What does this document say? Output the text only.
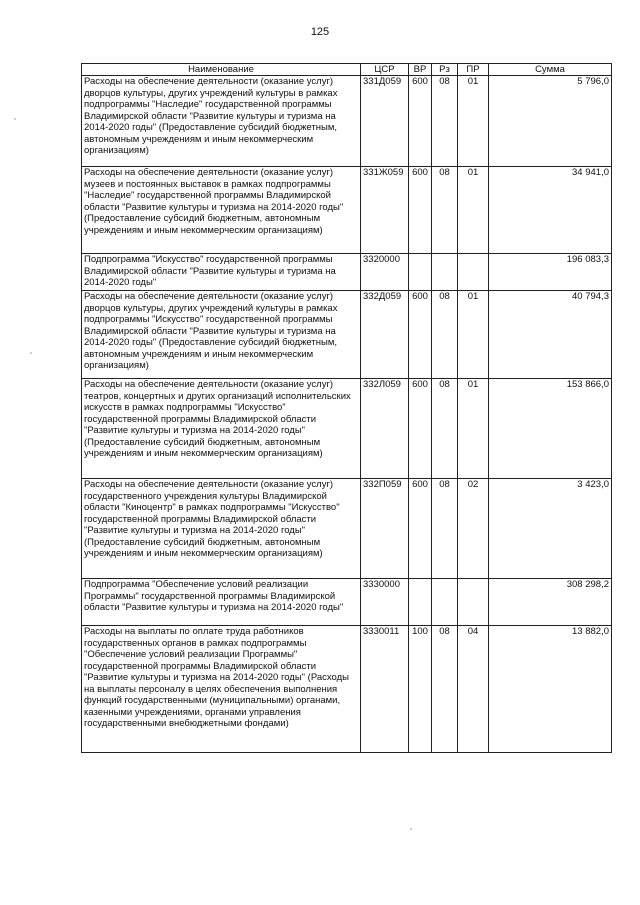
125
Наименование	ЦСР	ВР	Рз	ПР	Сумма
Расходы на обеспечение деятельности (оказание услуг) дворцов культуры, других учреждений культуры в рамках подпрограммы "Наследие" государственной программы Владимирской области "Развитие культуры и туризма на 2014-2020 годы" (Предоставление субсидий бюджетным, автономным учреждениям и иным некоммерческим организациям)	331Д059	600	08	01	5 796,0
Расходы на обеспечение деятельности (оказание услуг) музеев и постоянных выставок в рамках подпрограммы "Наследие" государственной программы Владимирской области "Развитие культуры и туризма на 2014-2020 годы" (Предоставление субсидий бюджетным, автономным учреждениям и иным некоммерческим организациям)	331Ж059	600	08	01	34 941,0
Подпрограмма "Искусство" государственной программы Владимирской области "Развитие культуры и туризма на 2014-2020 годы"	3320000				196 083,3
Расходы на обеспечение деятельности (оказание услуг) дворцов культуры, других учреждений культуры в рамках подпрограммы "Искусство" государственной программы Владимирской области "Развитие культуры и туризма на 2014-2020 годы" (Предоставление субсидий бюджетным, автономным учреждениям и иным некоммерческим организациям)	332Д059	600	08	01	40 794,3
Расходы на обеспечение деятельности (оказание услуг) театров, концертных и других организаций исполнительских искусств в рамках подпрограммы "Искусство" государственной программы Владимирской области "Развитие культуры и туризма на 2014-2020 годы" (Предоставление субсидий бюджетным, автономным учреждениям и иным некоммерческим организациям)	332Л059	600	08	01	153 866,0
Расходы на обеспечение деятельности (оказание услуг) государственного учреждения культуры Владимирской области "Киноцентр" в рамках подпрограммы "Искусство" государственной программы Владимирской области "Развитие культуры и туризма на 2014-2020 годы" (Предоставление субсидий бюджетным, автономным учреждениям и иным некоммерческим организациям)	332П059	600	08	02	3 423,0
Подпрограмма "Обеспечение условий реализации Программы" государственной программы Владимирской области "Развитие культуры и туризма на 2014-2020 годы"	3330000				308 298,2
Расходы на выплаты по оплате труда работников государственных органов в рамках подпрограммы "Обеспечение условий реализации Программы" государственной программы Владимирской области "Развитие культуры и туризма на 2014-2020 годы" (Расходы на выплаты персоналу в целях обеспечения выполнения функций государственными (муниципальными) органами, казенными учреждениями, органами управления государственными внебюджетными фондами)	3330011	100	08	04	13 882,0
